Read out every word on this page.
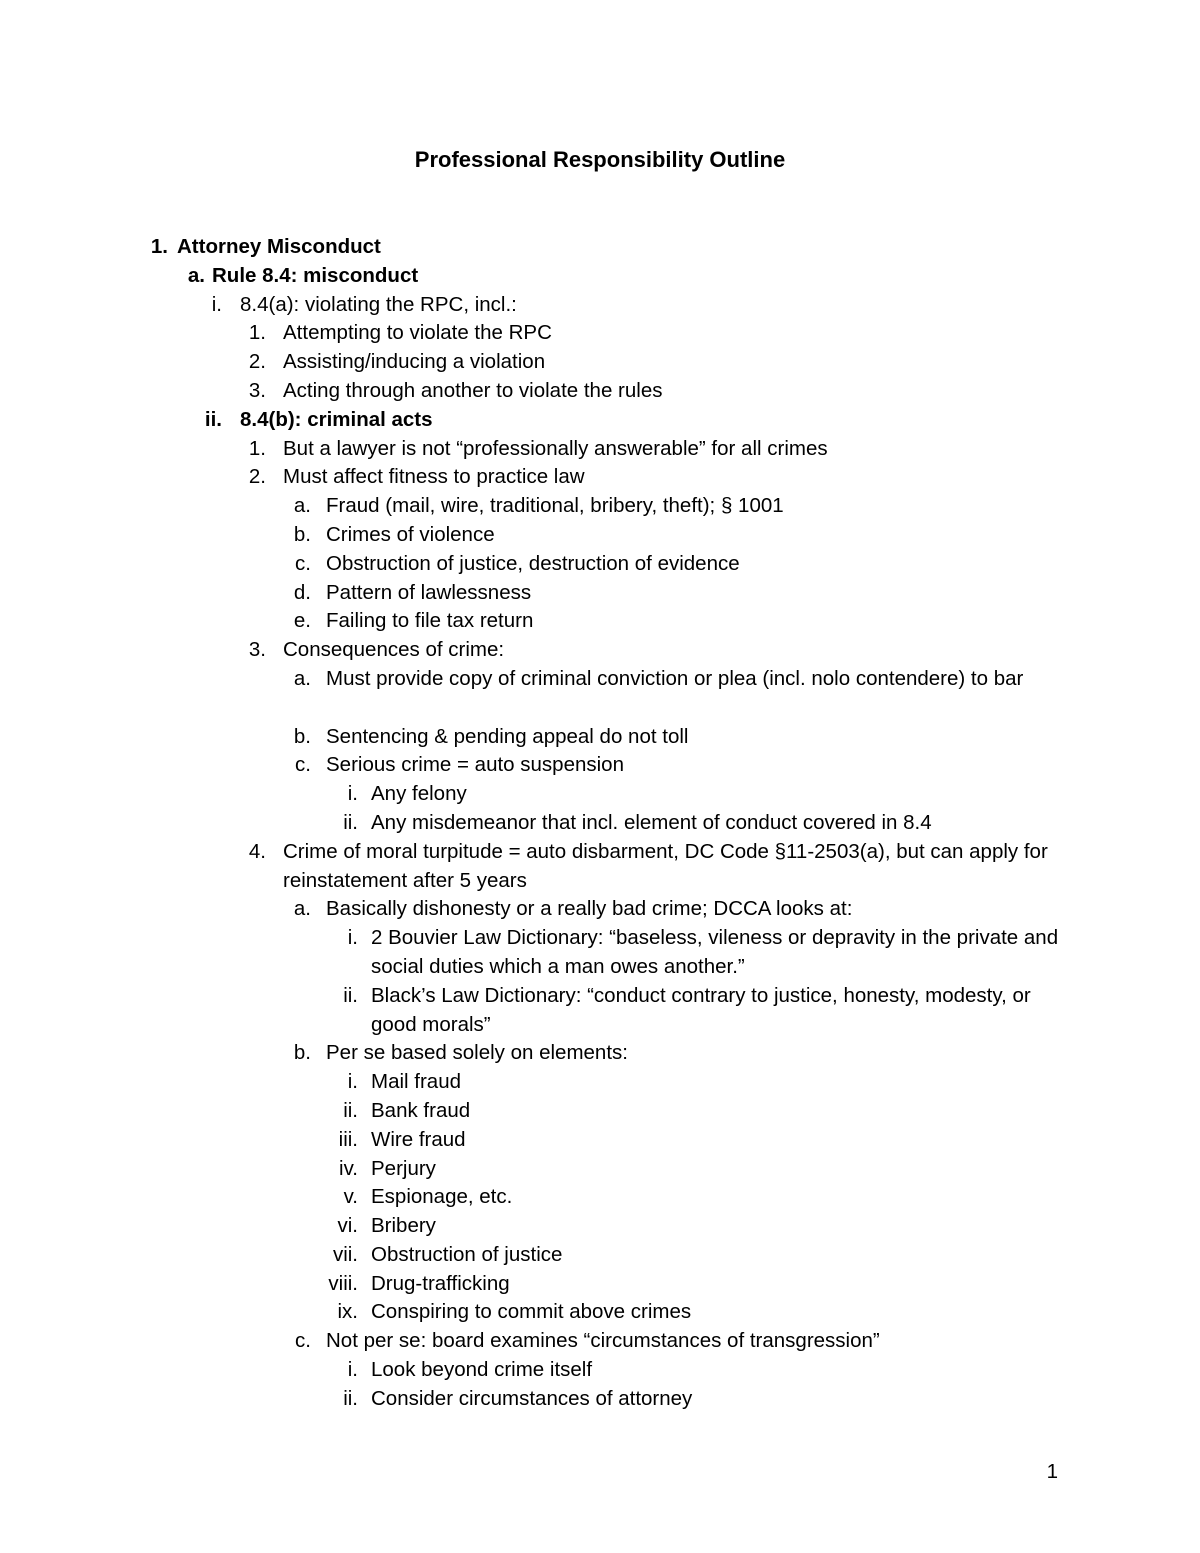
Professional Responsibility Outline
1. Attorney Misconduct
a. Rule 8.4: misconduct
i. 8.4(a): violating the RPC, incl.:
1. Attempting to violate the RPC
2. Assisting/inducing a violation
3. Acting through another to violate the rules
ii. 8.4(b): criminal acts
1. But a lawyer is not “professionally answerable” for all crimes
2. Must affect fitness to practice law
a. Fraud (mail, wire, traditional, bribery, theft); § 1001
b. Crimes of violence
c. Obstruction of justice, destruction of evidence
d. Pattern of lawlessness
e. Failing to file tax return
3. Consequences of crime:
a. Must provide copy of criminal conviction or plea (incl. nolo contendere) to bar
b. Sentencing & pending appeal do not toll
c. Serious crime = auto suspension
i. Any felony
ii. Any misdemeanor that incl. element of conduct covered in 8.4
4. Crime of moral turpitude = auto disbarment, DC Code §11-2503(a), but can apply for reinstatement after 5 years
a. Basically dishonesty or a really bad crime; DCCA looks at:
i. 2 Bouvier Law Dictionary: “baseless, vileness or depravity in the private and social duties which a man owes another.”
ii. Black’s Law Dictionary: “conduct contrary to justice, honesty, modesty, or good morals”
b. Per se based solely on elements:
i. Mail fraud
ii. Bank fraud
iii. Wire fraud
iv. Perjury
v. Espionage, etc.
vi. Bribery
vii. Obstruction of justice
viii. Drug-trafficking
ix. Conspiring to commit above crimes
c. Not per se: board examines “circumstances of transgression”
i. Look beyond crime itself
ii. Consider circumstances of attorney
1
